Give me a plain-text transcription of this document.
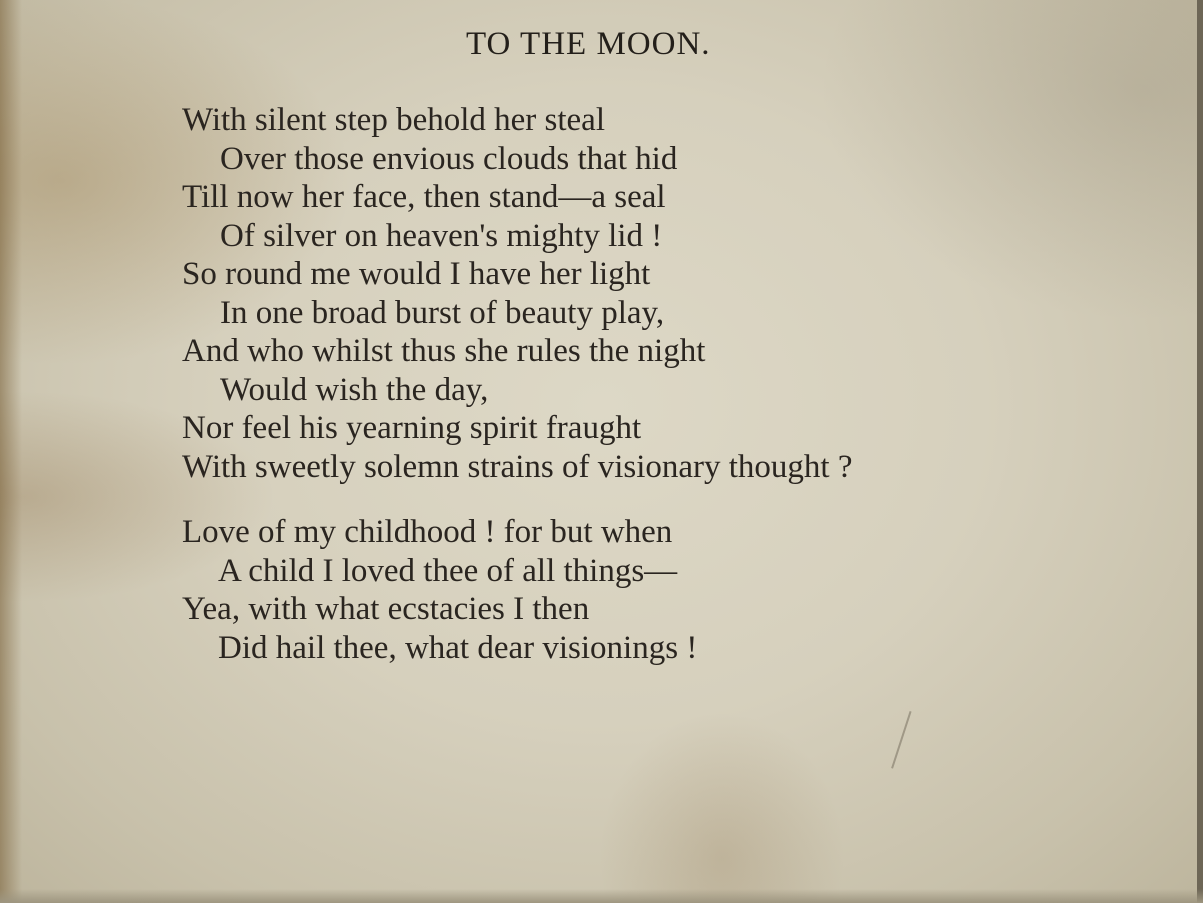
TO THE MOON.
With silent step behold her steal
Over those envious clouds that hid
Till now her face, then stand—a seal
Of silver on heaven's mighty lid !
So round me would I have her light
In one broad burst of beauty play,
And who whilst thus she rules the night
Would wish the day,
Nor feel his yearning spirit fraught
With sweetly solemn strains of visionary thought ?
Love of my childhood ! for but when
A child I loved thee of all things—
Yea, with what ecstacies I then
Did hail thee, what dear visionings !
